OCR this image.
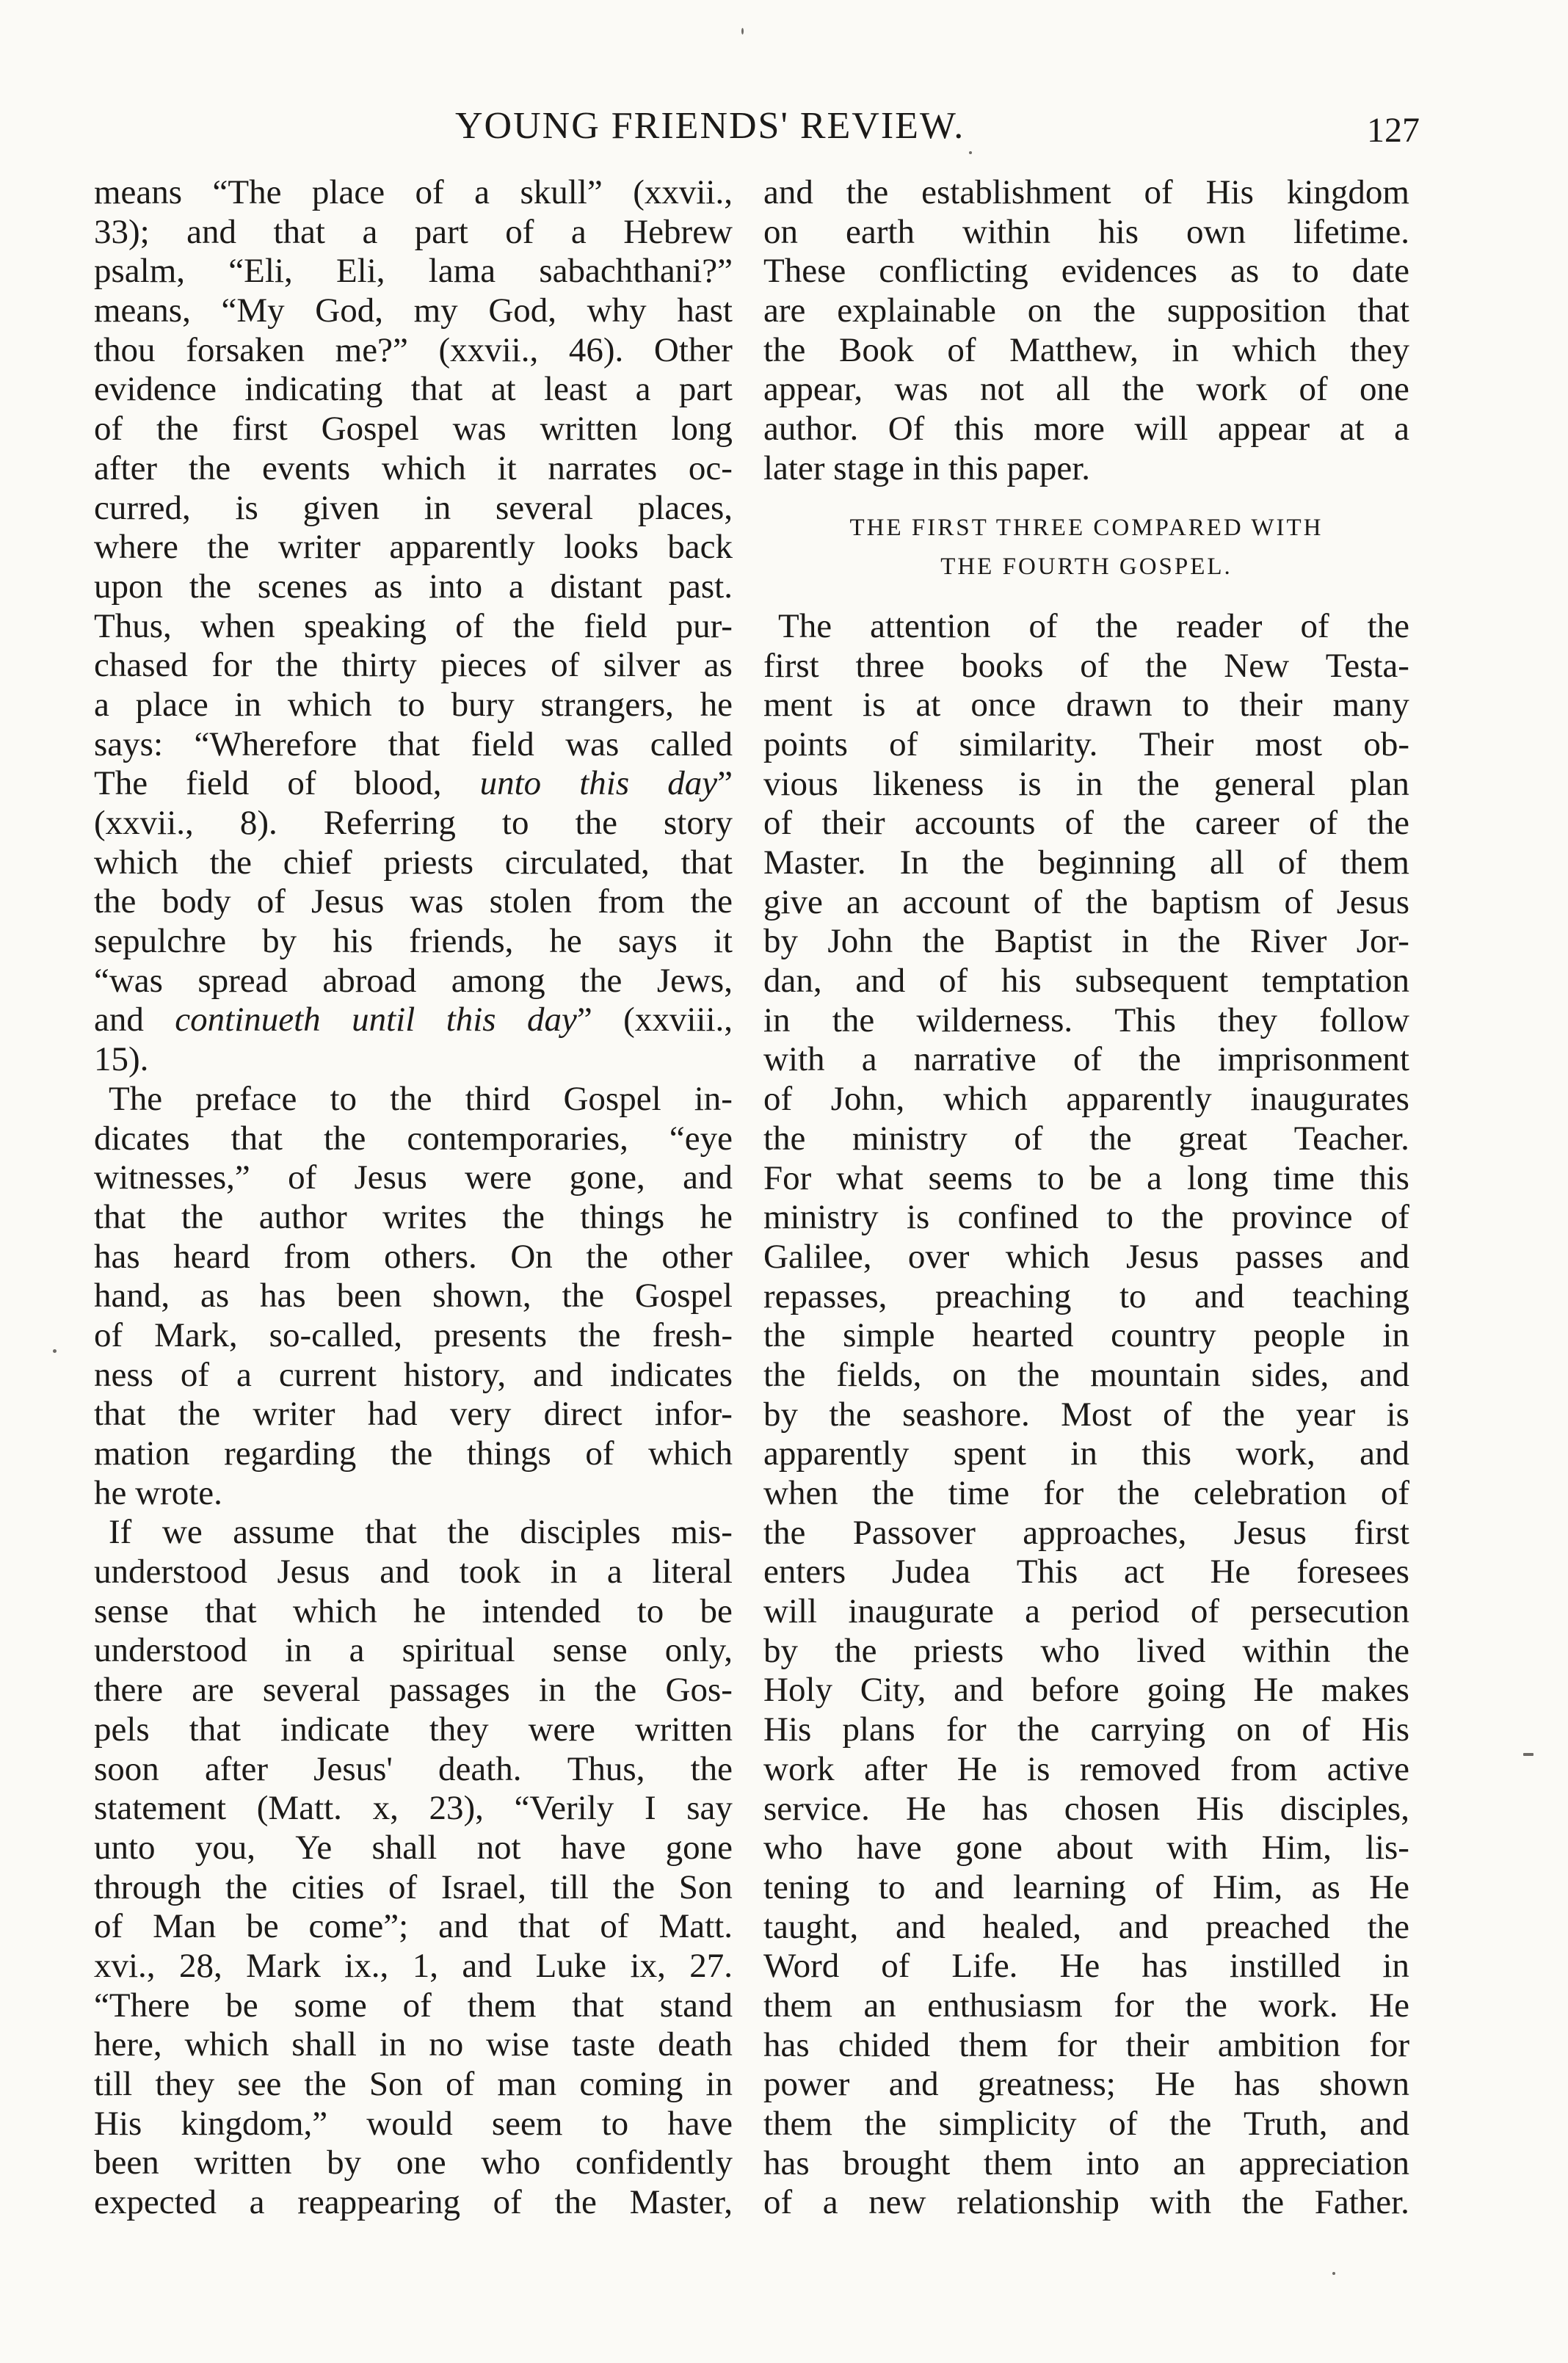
YOUNG FRIENDS' REVIEW.	127
means “The place of a skull” (xxvii.,
33); and that a part of a Hebrew
psalm, “Eli, Eli, lama sabachthani?”
means, “My God, my God, why hast
thou forsaken me?” (xxvii., 46). Other
evidence indicating that at least a part
of the first Gospel was written long
after the events which it narrates oc-
curred, is given in several places,
where the writer apparently looks back
upon the scenes as into a distant past.
Thus, when speaking of the field pur-
chased for the thirty pieces of silver as
a place in which to bury strangers, he
says: “Wherefore that field was called
The field of blood, unto this day”
(xxvii., 8). Referring to the story
which the chief priests circulated, that
the body of Jesus was stolen from the
sepulchre by his friends, he says it
“was spread abroad among the Jews,
and continueth until this day” (xxviii.,
15).
The preface to the third Gospel in-
dicates that the contemporaries, “eye
witnesses,” of Jesus were gone, and
that the author writes the things he
has heard from others. On the other
hand, as has been shown, the Gospel
of Mark, so-called, presents the fresh-
ness of a current history, and indicates
that the writer had very direct infor-
mation regarding the things of which
he wrote.
If we assume that the disciples mis-
understood Jesus and took in a literal
sense that which he intended to be
understood in a spiritual sense only,
there are several passages in the Gos-
pels that indicate they were written
soon after Jesus' death. Thus, the
statement (Matt. x, 23), “Verily I say
unto you, Ye shall not have gone
through the cities of Israel, till the Son
of Man be come”; and that of Matt.
xvi., 28, Mark ix., 1, and Luke ix, 27.
“There be some of them that stand
here, which shall in no wise taste death
till they see the Son of man coming in
His kingdom,” would seem to have
been written by one who confidently
expected a reappearing of the Master,
and the establishment of His kingdom
on earth within his own lifetime.
These conflicting evidences as to date
are explainable on the supposition that
the Book of Matthew, in which they
appear, was not all the work of one
author. Of this more will appear at a
later stage in this paper.
THE FIRST THREE COMPARED WITH
THE FOURTH GOSPEL.
The attention of the reader of the
first three books of the New Testa-
ment is at once drawn to their many
points of similarity. Their most ob-
vious likeness is in the general plan
of their accounts of the career of the
Master. In the beginning all of them
give an account of the baptism of Jesus
by John the Baptist in the River Jor-
dan, and of his subsequent temptation
in the wilderness. This they follow
with a narrative of the imprisonment
of John, which apparently inaugurates
the ministry of the great Teacher.
For what seems to be a long time this
ministry is confined to the province of
Galilee, over which Jesus passes and
repasses, preaching to and teaching
the simple hearted country people in
the fields, on the mountain sides, and
by the seashore. Most of the year is
apparently spent in this work, and
when the time for the celebration of
the Passover approaches, Jesus first
enters Judea This act He foresees
will inaugurate a period of persecution
by the priests who lived within the
Holy City, and before going He makes
His plans for the carrying on of His
work after He is removed from active
service. He has chosen His disciples,
who have gone about with Him, lis-
tening to and learning of Him, as He
taught, and healed, and preached the
Word of Life. He has instilled in
them an enthusiasm for the work. He
has chided them for their ambition for
power and greatness; He has shown
them the simplicity of the Truth, and
has brought them into an appreciation
of a new relationship with the Father.
